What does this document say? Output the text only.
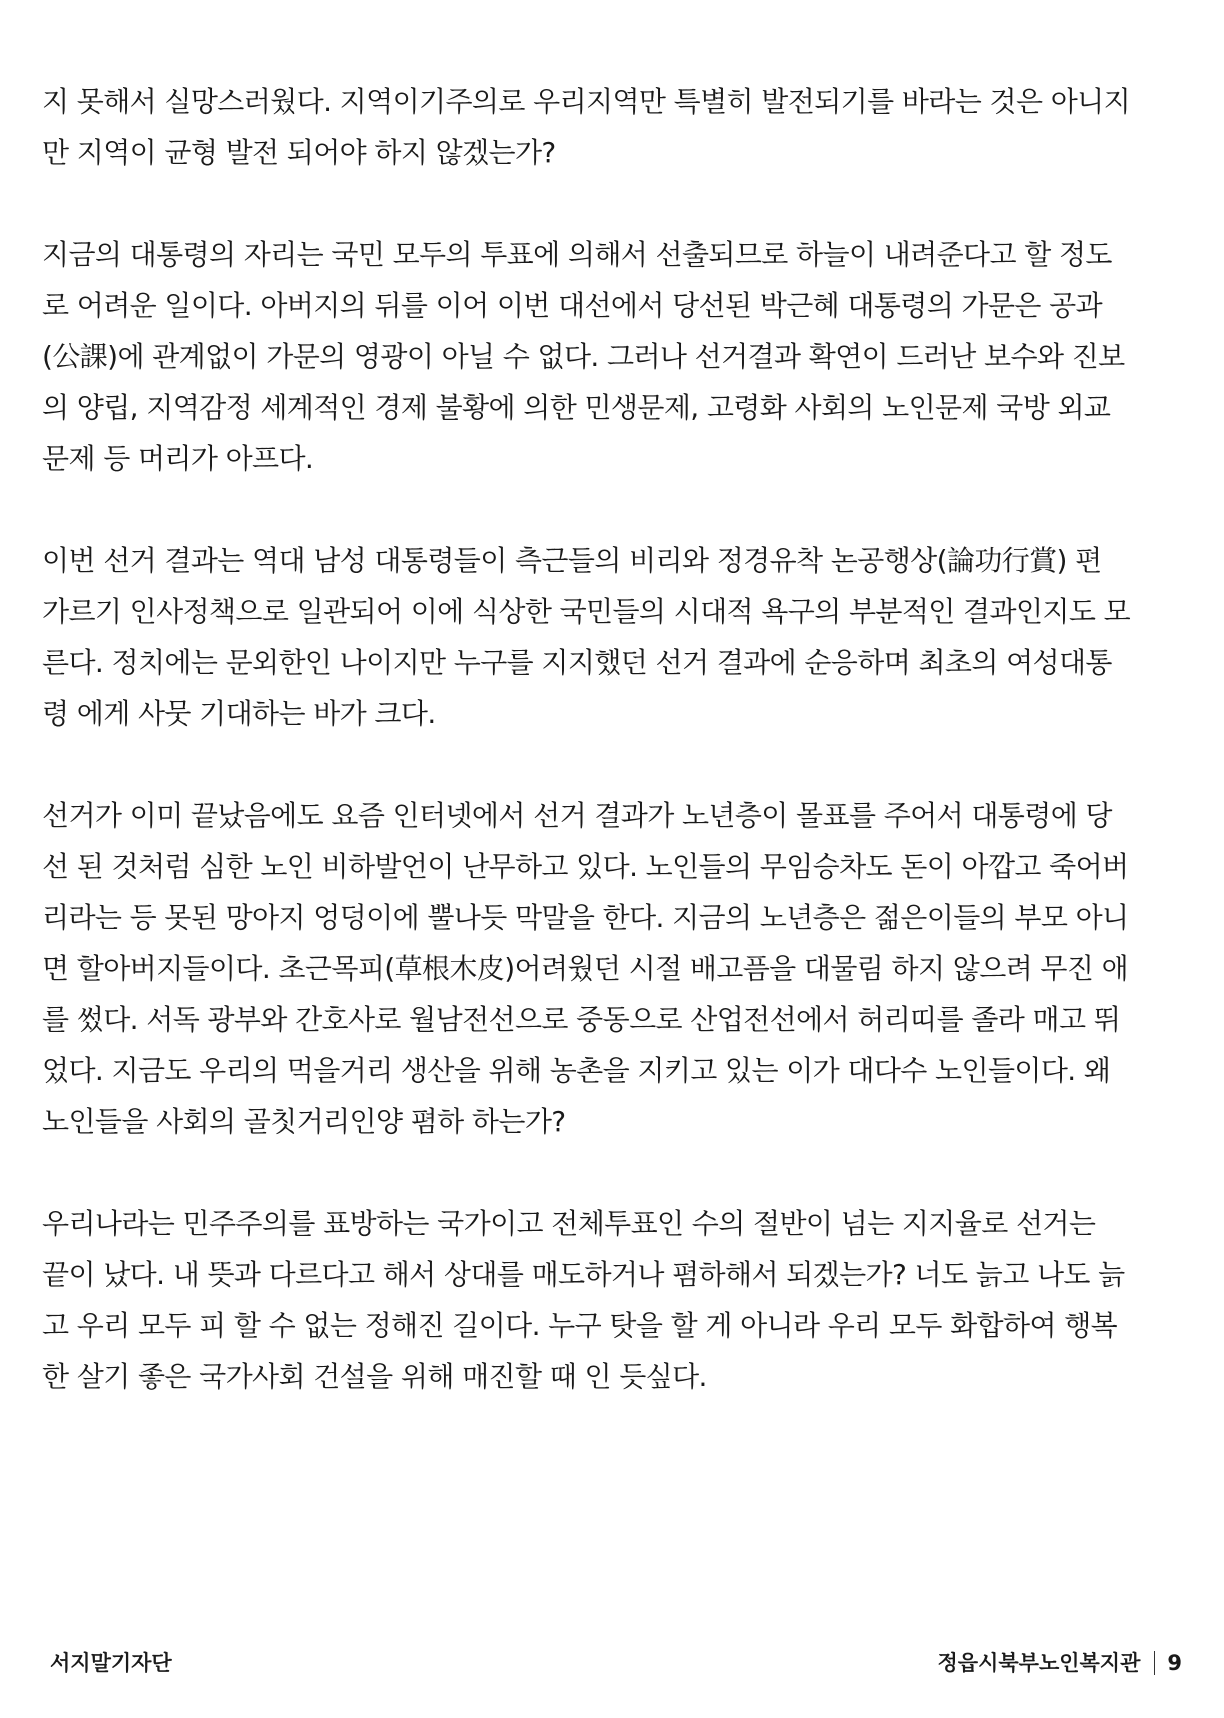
지 못해서 실망스러웠다. 지역이기주의로 우리지역만 특별히 발전되기를 바라는 것은 아니지
만 지역이 균형 발전 되어야 하지 않겠는가?

지금의 대통령의 자리는 국민 모두의 투표에 의해서 선출되므로 하늘이 내려준다고 할 정도
로 어려운 일이다. 아버지의 뒤를 이어 이번 대선에서 당선된 박근혜 대통령의 가문은 공과
(公課)에 관계없이 가문의 영광이 아닐 수 없다. 그러나 선거결과 확연이 드러난 보수와 진보
의 양립, 지역감정 세계적인 경제 불황에 의한 민생문제, 고령화 사회의 노인문제 국방 외교
문제 등 머리가 아프다.

이번 선거 결과는 역대 남성 대통령들이 측근들의 비리와 정경유착 논공행상(論功行賞) 편
가르기 인사정책으로 일관되어 이에 식상한 국민들의 시대적 욕구의 부분적인 결과인지도 모
른다. 정치에는 문외한인 나이지만 누구를 지지했던 선거 결과에 순응하며 최초의 여성대통
령 에게 사뭇 기대하는 바가 크다.

선거가 이미 끝났음에도 요즘 인터넷에서 선거 결과가 노년층이 몰표를 주어서 대통령에 당
선 된 것처럼 심한 노인 비하발언이 난무하고 있다. 노인들의 무임승차도 돈이 아깝고 죽어버
리라는 등 못된 망아지 엉덩이에 뿔나듯 막말을 한다. 지금의 노년층은 젊은이들의 부모 아니
면 할아버지들이다. 초근목피(草根木皮)어려웠던 시절 배고픔을 대물림 하지 않으려 무진 애
를 썼다. 서독 광부와 간호사로 월남전선으로 중동으로 산업전선에서 허리띠를 졸라 매고 뛰
었다. 지금도 우리의 먹을거리 생산을 위해 농촌을 지키고 있는 이가 대다수 노인들이다. 왜
노인들을 사회의 골칫거리인양 폄하 하는가?

우리나라는 민주주의를 표방하는 국가이고 전체투표인 수의 절반이 넘는 지지율로 선거는
끝이 났다. 내 뜻과 다르다고 해서 상대를 매도하거나 폄하해서 되겠는가? 너도 늙고 나도 늙
고 우리 모두 피 할 수 없는 정해진 길이다. 누구 탓을 할 게 아니라 우리 모두 화합하여 행복
한 살기 좋은 국가사회 건설을 위해 매진할 때 인 듯싶다.

서지말기자단	정읍시북부노인복지관 9
